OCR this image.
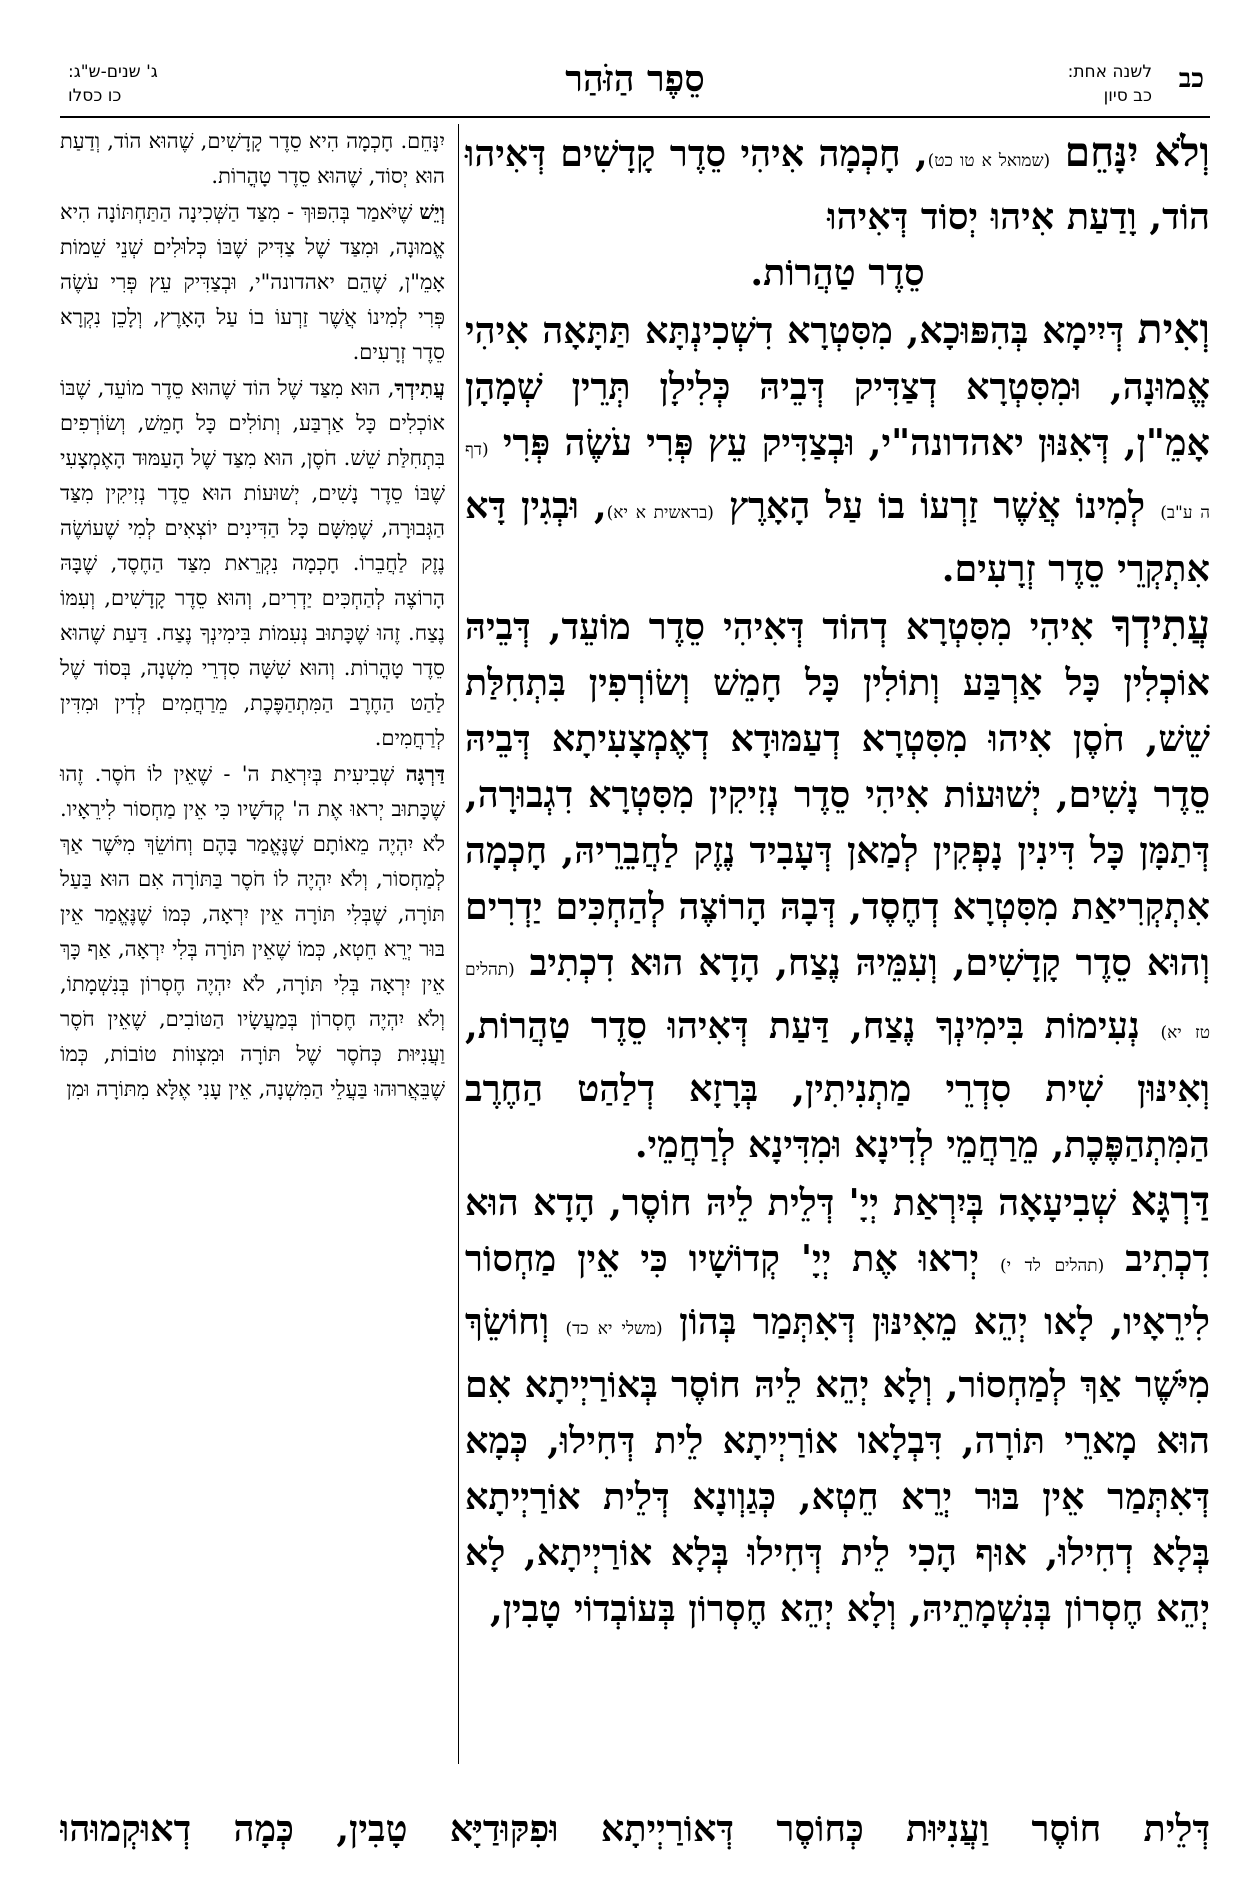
כב
לשנה אחת:
כב סיון
סֵפֶר הַזֹּהַר
ג' שנים-ש"ג:
כו כסלו

וְלֹא יִנָּחֵם (שמואל א טו כט), חָכְמָה אִיהִי סֵדֶר קָדָשִׁים דְּאִיהוּ הוֹד, וָדַעַת אִיהוּ יְסוֹד דְּאִיהוּ

סֵדֶר טַהֲרוֹת.

וְאִית דְּיִימָא בְּהִפּוּכָא, מִסִּטְרָא דִשְׁכִינְתָּא תַּתָּאָה אִיהִי אֱמוּנָה, וּמִסִּטְרָא דְצַדִּיק דְּבֵיהּ כְּלִילָן תְּרֵין שְׁמָהָן אָמֵ"ן, דְּאִנּוּן יאהדונה"י, וּבְצַדִּיק עֵץ פְּרִי עֹשֶׂה פְּרִי (דף ה ע"ב) לְמִינוֹ אֲשֶׁר זַרְעוֹ בוֹ עַל הָאָרֶץ (בראשית א יא), וּבְגִין דָּא אִתְקְרֵי סֵדֶר זְרָעִים.

עֲתִידְךָ אִיהִי מִסִּטְרָא דְהוֹד דְּאִיהִי סֵדֶר מוֹעֵד, דְּבֵיהּ אוֹכְלִין כָּל אַרְבַּע וְתוֹלִין כָּל חָמֵשׁ וְשׂוֹרְפִין בִּתְחִלַּת שֵׁשׁ, חֹסֶן אִיהוּ מִסִּטְרָא דְעַמּוּדָא דְאֶמְצָעִיתָא דְּבֵיהּ סֵדֶר נָשִׁים, יְשׁוּעוֹת אִיהִי סֵדֶר נְזִיקִין מִסִּטְרָא דִגְבוּרָה, דְּתַמָּן כָּל דִּינִין נָפְקִין לְמַאן דְּעָבִיד נֶזֶק לַחֲבֵרֵיהּ, חָכְמָה אִתְקְרִיאַת מִסִּטְרָא דְחֶסֶד, דְּבָהּ הָרוֹצֶה לְהַחְכִּים יַדְרִים וְהוּא סֵדֶר קָדָשִׁים, וְעִמֵּיהּ נֶצַח, הָדָא הוּא דִכְתִיב (תהלים טז יא) נְעִימוֹת בִּימִינְךָ נֶצַח, דַּעַת דְּאִיהוּ סֵדֶר טַהֲרוֹת, וְאִינּוּן שִׁית סִדְרֵי מַתְנִיתִין, בְּרָזָא דְלַהַט הַחֶרֶב הַמִּתְהַפֶּכֶת, מֵרַחֲמֵי לְדִינָא וּמִדִּינָא לְרַחֲמֵי.

דַּרְגָּא שְׁבִיעָאָה בְּיִרְאַת יְיָ' דְּלֵית לֵיהּ חוֹסֶר, הָדָא הוּא דִכְתִיב (תהלים לד י) יְראוּ אֶת יְיָ' קְדוֹשָׁיו כִּי אֵין מַחְסוֹר לִירֵאָיו, לָאו יְהֵא מֵאִינּוּן דְּאִתְּמַר בְּהוֹן (משלי יא כד) וְחוֹשֵׂךְ מִיֹּשֶׁר אַךְ לְמַחְסוֹר, וְלָא יְהֵא לֵיהּ חוֹסֶר בְּאוֹרַיְיתָא אִם הוּא מָארֵי תּוֹרָה, דִּבְלָאו אוֹרַיְיתָא לֵית דְּחִילוּ, כְּמָא דְּאִתְּמַר אֵין בּוּר יְרֵא חֵטְא, כְּגַוְונָא דְּלֵית אוֹרַיְיתָא בְּלָא דְחִילוּ, אוּף הָכִי לֵית דְּחִילוּ בְּלָא אוֹרַיְיתָא, לָא יְהֵא חֶסְרוֹן בְּנִשְׁמָתֵיהּ, וְלָא יְהֵא חֶסְרוֹן בְּעוֹבְדוֹי טָבִין,

יִנָּחֵם. חָכְמָה הִיא סֵדֶר קָדָשִׁים, שֶׁהוּא הוֹד, וְדַעַת הוּא יְסוֹד, שֶׁהוּא סֵדֶר טָהֳרוֹת.

וְיֵשׁ שֶׁיֹּאמַר בְּהִפּוּךְ - מִצַּד הַשְּׁכִינָה הַתַּחְתּוֹנָה הִיא אֱמוּנָה, וּמִצַּד שֶׁל צַדִּיק שֶׁבּוֹ כְּלוּלִים שְׁנֵי שֵׁמוֹת אָמֵ"ן, שֶׁהֵם יאהדונה"י, וּבְצַדִּיק עֵץ פְּרִי עֹשֶׂה פְּרִי לְמִינוֹ אֲשֶׁר זַרְעוֹ בוֹ עַל הָאָרֶץ, וְלָכֵן נִקְרָא סֵדֶר זְרָעִים.

עֲתִידְךָ, הוּא מִצַּד שֶׁל הוֹד שֶׁהוּא סֵדֶר מוֹעֵד, שֶׁבּוֹ אוֹכְלִים כָּל אַרְבַּע, וְתוֹלִים כָּל חָמֵשׁ, וְשׂוֹרְפִים בִּתְחִלַּת שֵׁשׁ. חֹסֶן, הוּא מִצַּד שֶׁל הָעַמּוּד הָאֶמְצָעִי שֶׁבּוֹ סֵדֶר נָשִׁים, יְשׁוּעוֹת הוּא סֵדֶר נְזִיקִין מִצַּד הַגְּבוּרָה, שֶׁמִּשָּׁם כָּל הַדִּינִים יוֹצְאִים לְמִי שֶׁעוֹשֶׂה נֶזֶק לַחֲבֵרוֹ. חָכְמָה נִקְרֵאת מִצַּד הַחֶסֶד, שֶׁבָּהּ הָרוֹצֶה לְהַחְכִּים יַדְרִים, וְהוּא סֵדֶר קָדָשִׁים, וְעִמּוֹ נֶצַח. זֶהוּ שֶׁכָּתוּב נְעִמוֹת בִּימִינְךָ נֶצַח. דַּעַת שֶׁהוּא סֵדֶר טָהֳרוֹת. וְהוּא שִׁשָּׁה סִדְרֵי מִשְׁנָה, בְּסוֹד שֶׁל לַהַט הַחֶרֶב הַמִּתְהַפֶּכֶת, מֵרַחֲמִים לְדִין וּמִדִּין לְרַחֲמִים.

דַּרְגָּה שְׁבִיעִית בְּיִרְאַת ה' - שֶׁאֵין לוֹ חֹסֶר. זֶהוּ שֶׁכָּתוּב יְראוּ אֶת ה' קְדֹשָׁיו כִּי אֵין מַחְסוֹר לִירֵאָיו. לֹא יִהְיֶה מֵאוֹתָם שֶׁנֶּאֱמַר בָּהֶם וְחוֹשֵׂךְ מִיֹּשֶׁר אַךְ לְמַחְסוֹר, וְלֹא יִהְיֶה לוֹ חֹסֶר בַּתּוֹרָה אִם הוּא בַּעַל תּוֹרָה, שֶׁבְּלִי תּוֹרָה אֵין יִרְאָה, כְּמוֹ שֶׁנֶּאֱמַר אֵין בּוּר יְרֵא חֵטְא, כְּמוֹ שֶׁאֵין תּוֹרָה בְּלִי יִרְאָה, אַף כָּךְ אֵין יִרְאָה בְּלִי תּוֹרָה, לֹא יִהְיֶה חֶסְרוֹן בְּנִשְׁמָתוֹ, וְלֹא יִהְיֶה חֶסְרוֹן בְּמַעֲשָׂיו הַטּוֹבִים, שֶׁאֵין חֹסֶר וַעֲנִיּוּת כְּחֹסֶר שֶׁל תּוֹרָה וּמִצְווֹת טוֹבוֹת, כְּמוֹ שֶׁבֵּאֲרוּהוּ בַּעֲלֵי הַמִּשְׁנָה, אֵין עָנִי אֶלָּא מִתּוֹרָה וּמִן

דְּלֵית חוֹסֶר וַעֲנִיּוּת כְּחוֹסֶר דְּאוֹרַיְיתָא וּפִקּוּדַיָּא טָבִין, כְּמָה דְאוּקְמוּהוּ
